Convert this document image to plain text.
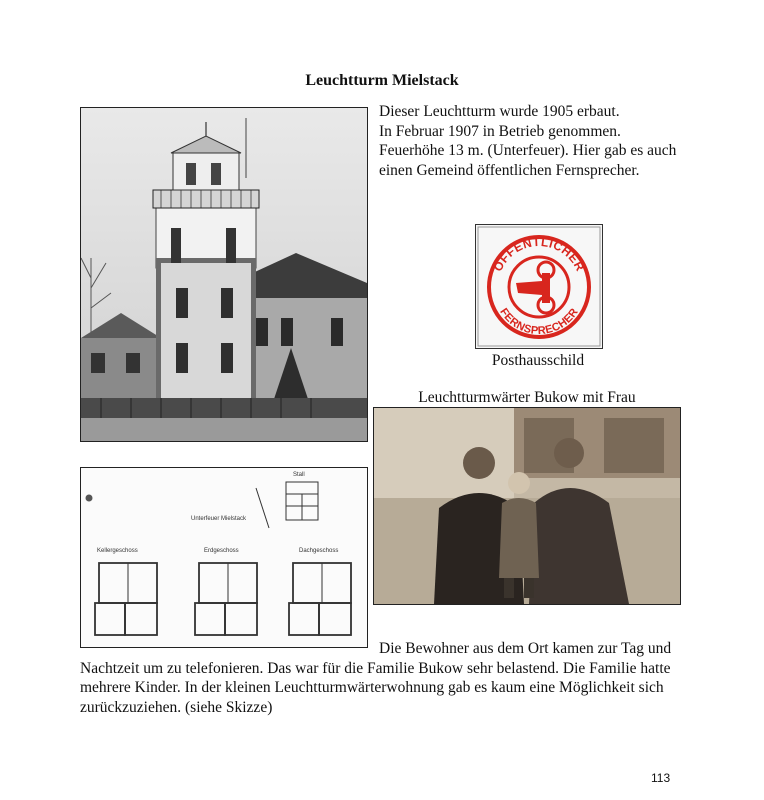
Leuchtturm Mielstack
Dieser Leuchtturm wurde 1905 erbaut.
In Februar 1907 in Betrieb genommen.
Feuerhöhe 13 m. (Unterfeuer). Hier gab es auch
einen Gemeind öffentlichen Fernsprecher.
ÖFFENTLICHER
FERNSPRECHER
Posthausschild
Leuchtturmwärter Bukow mit Frau
Unterfeuer Mielstack
Stall
Kellergeschoss	Erdgeschoss	Dachgeschoss
Die Bewohner aus dem Ort kamen zur Tag und
Nachtzeit um zu telefonieren. Das war für die Familie Bukow sehr belastend. Die Familie hatte
mehrere Kinder. In der kleinen Leuchtturmwärterwohnung gab es kaum eine Möglichkeit sich
zurückzuziehen. (siehe Skizze)
113
